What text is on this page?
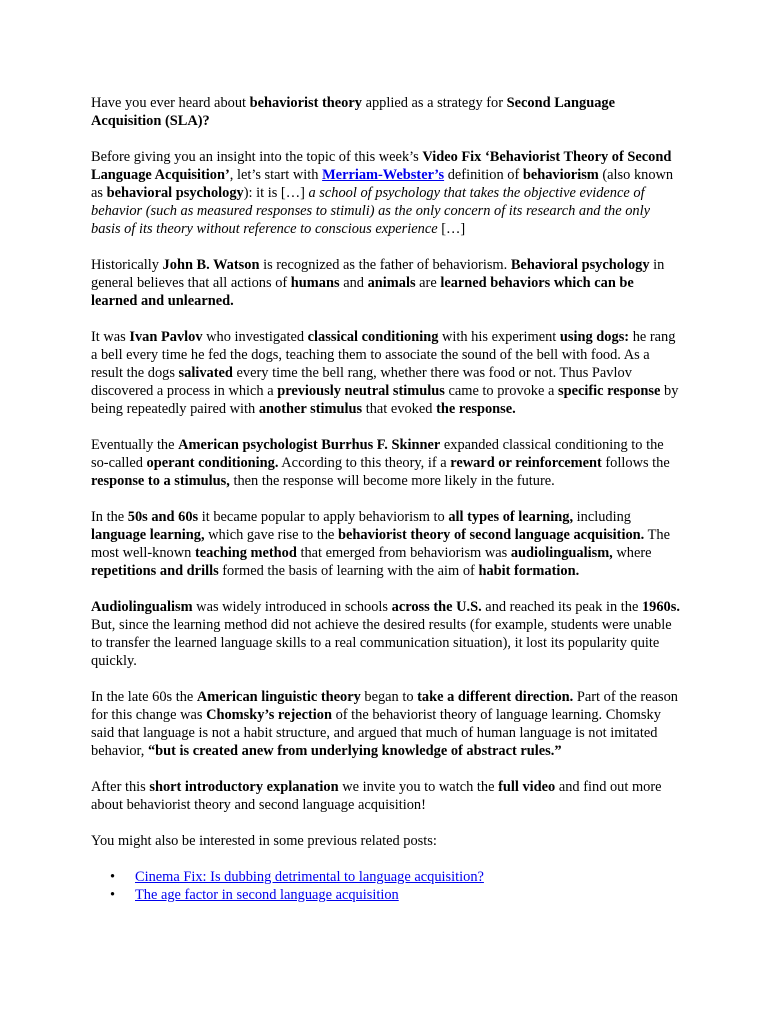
Have you ever heard about behaviorist theory applied as a strategy for Second Language Acquisition (SLA)?

Before giving you an insight into the topic of this week’s Video Fix ‘Behaviorist Theory of Second Language Acquisition’, let’s start with Merriam-Webster’s definition of behaviorism (also known as behavioral psychology): it is […] a school of psychology that takes the objective evidence of behavior (such as measured responses to stimuli) as the only concern of its research and the only basis of its theory without reference to conscious experience […]

Historically John B. Watson is recognized as the father of behaviorism. Behavioral psychology in general believes that all actions of humans and animals are learned behaviors which can be learned and unlearned.

It was Ivan Pavlov who investigated classical conditioning with his experiment using dogs: he rang a bell every time he fed the dogs, teaching them to associate the sound of the bell with food. As a result the dogs salivated every time the bell rang, whether there was food or not. Thus Pavlov discovered a process in which a previously neutral stimulus came to provoke a specific response by being repeatedly paired with another stimulus that evoked the response.

Eventually the American psychologist Burrhus F. Skinner expanded classical conditioning to the so-called operant conditioning. According to this theory, if a reward or reinforcement follows the response to a stimulus, then the response will become more likely in the future.

In the 50s and 60s it became popular to apply behaviorism to all types of learning, including language learning, which gave rise to the behaviorist theory of second language acquisition. The most well-known teaching method that emerged from behaviorism was audiolingualism, where repetitions and drills formed the basis of learning with the aim of habit formation.

Audiolingualism was widely introduced in schools across the U.S. and reached its peak in the 1960s. But, since the learning method did not achieve the desired results (for example, students were unable to transfer the learned language skills to a real communication situation), it lost its popularity quite quickly.

In the late 60s the American linguistic theory began to take a different direction. Part of the reason for this change was Chomsky’s rejection of the behaviorist theory of language learning. Chomsky said that language is not a habit structure, and argued that much of human language is not imitated behavior, “but is created anew from underlying knowledge of abstract rules.”

After this short introductory explanation we invite you to watch the full video and find out more about behaviorist theory and second language acquisition!

You might also be interested in some previous related posts:

• Cinema Fix: Is dubbing detrimental to language acquisition?
• The age factor in second language acquisition
